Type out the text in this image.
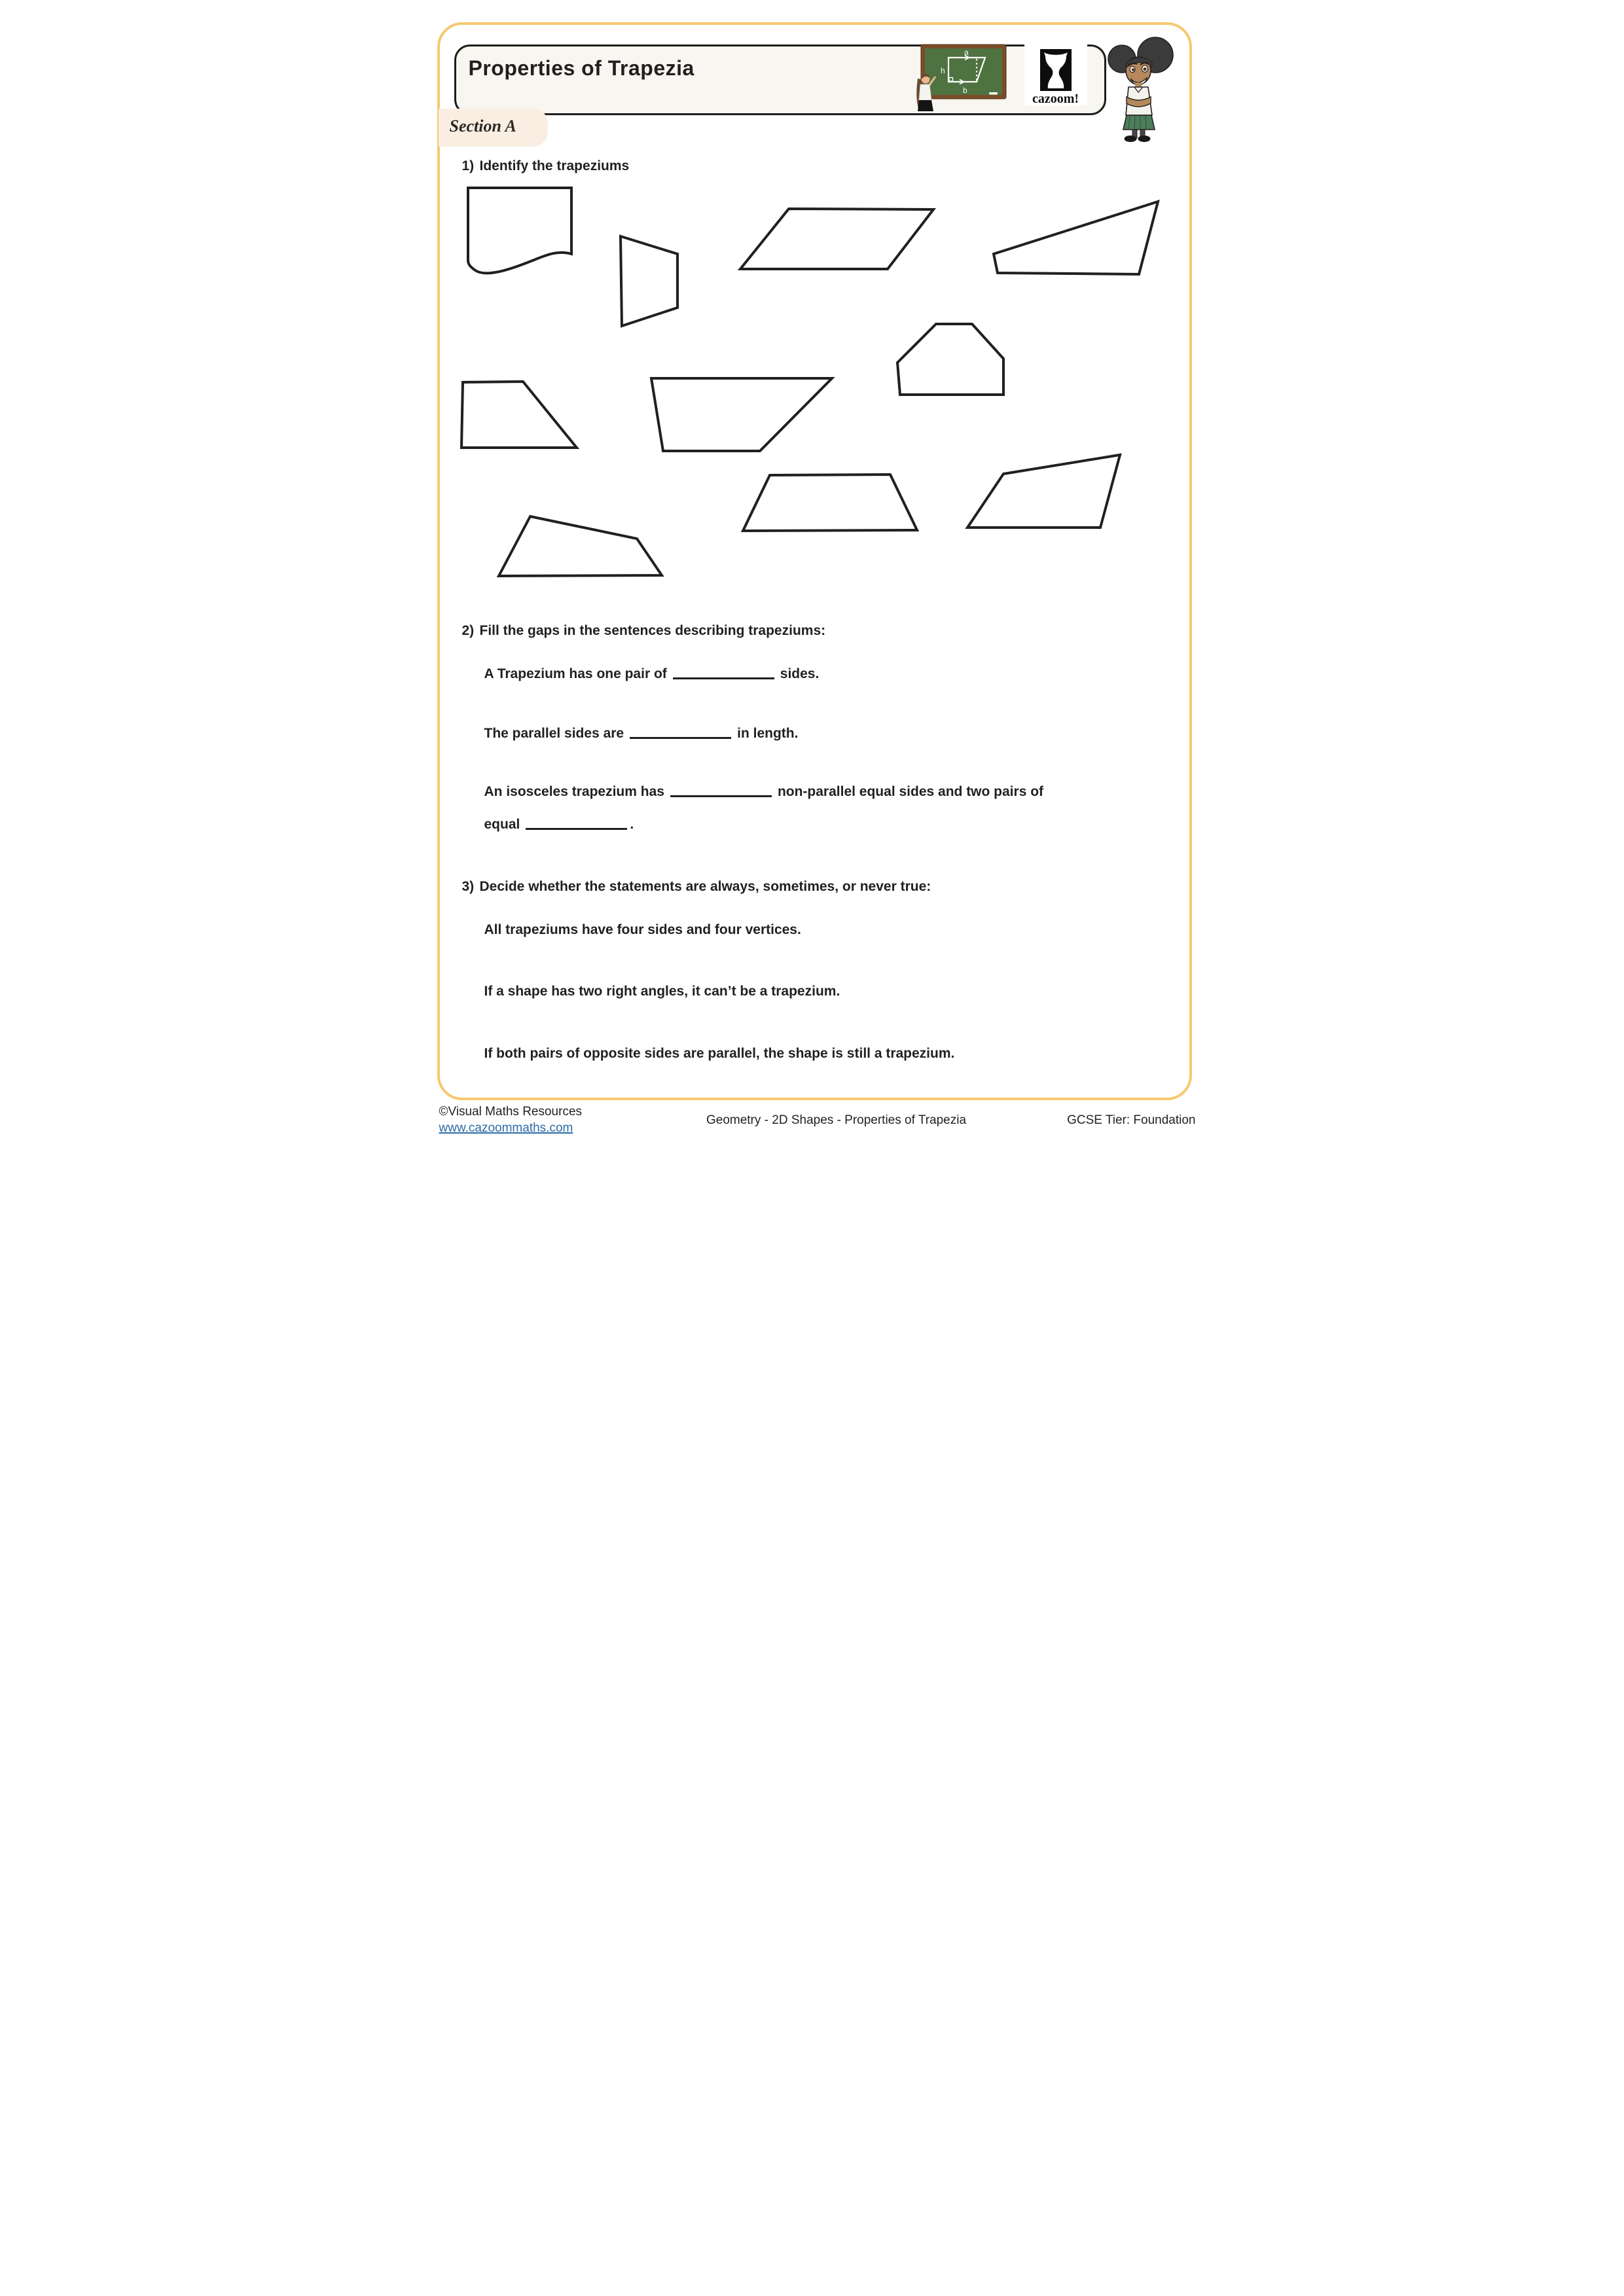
Properties of Trapezia
a
h
b
cazoom!
Section A
1) Identify the trapeziums
2) Fill the gaps in the sentences describing trapeziums:
A Trapezium has one pair of	sides.
The parallel sides are	in length.
An isosceles trapezium has	non-parallel equal sides and two pairs of
equal	.
3) Decide whether the statements are always, sometimes, or never true:
All trapeziums have four sides and four vertices.
If a shape has two right angles, it can’t be a trapezium.
If both pairs of opposite sides are parallel, the shape is still a trapezium.
©Visual Maths Resources
www.cazoommaths.com
Geometry - 2D Shapes - Properties of Trapezia	GCSE Tier: Foundation
